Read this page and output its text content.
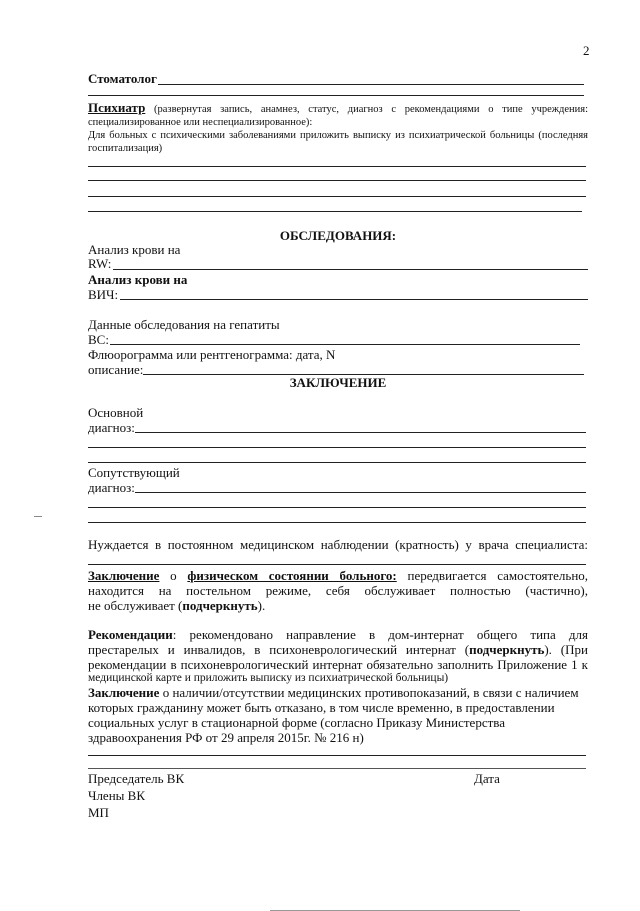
2
Стоматолог
Психиатр (развернутая запись, анамнез, статус, диагноз с рекомендациями о типе учреждения:
специализированное или неспециализированное):
Для больных с психическими заболеваниями приложить выписку из психиатрической больницы (последняя
госпитализация)
ОБСЛЕДОВАНИЯ:
Анализ крови на
RW:
Анализ крови на
ВИЧ:
Данные обследования на гепатиты
ВС:
Флюорограмма или рентгенограмма: дата, N
описание:
ЗАКЛЮЧЕНИЕ
Основной
диагноз:
Сопутствующий
диагноз:
Нуждается в постоянном медицинском наблюдении (кратность) у врача специалиста:
Заключение о физическом состоянии больного: передвигается самостоятельно,
находится на постельном режиме, себя обслуживает полностью (частично),
не обслуживает (подчеркнуть).
Рекомендации: рекомендовано направление в дом-интернат общего типа для
престарелых и инвалидов, в психоневрологический интернат (подчеркнуть). (При
рекомендации в психоневрологический интернат обязательно заполнить Приложение 1 к
медицинской карте и приложить выписку из психиатрической больницы)
Заключение о наличии/отсутствии медицинских противопоказаний, в связи с наличием
которых гражданину может быть отказано, в том числе временно, в предоставлении
социальных услуг в стационарной форме (согласно Приказу Министерства
здравоохранения РФ от 29 апреля 2015г. № 216 н)
Председатель ВК	Дата
Члены ВК
МП
